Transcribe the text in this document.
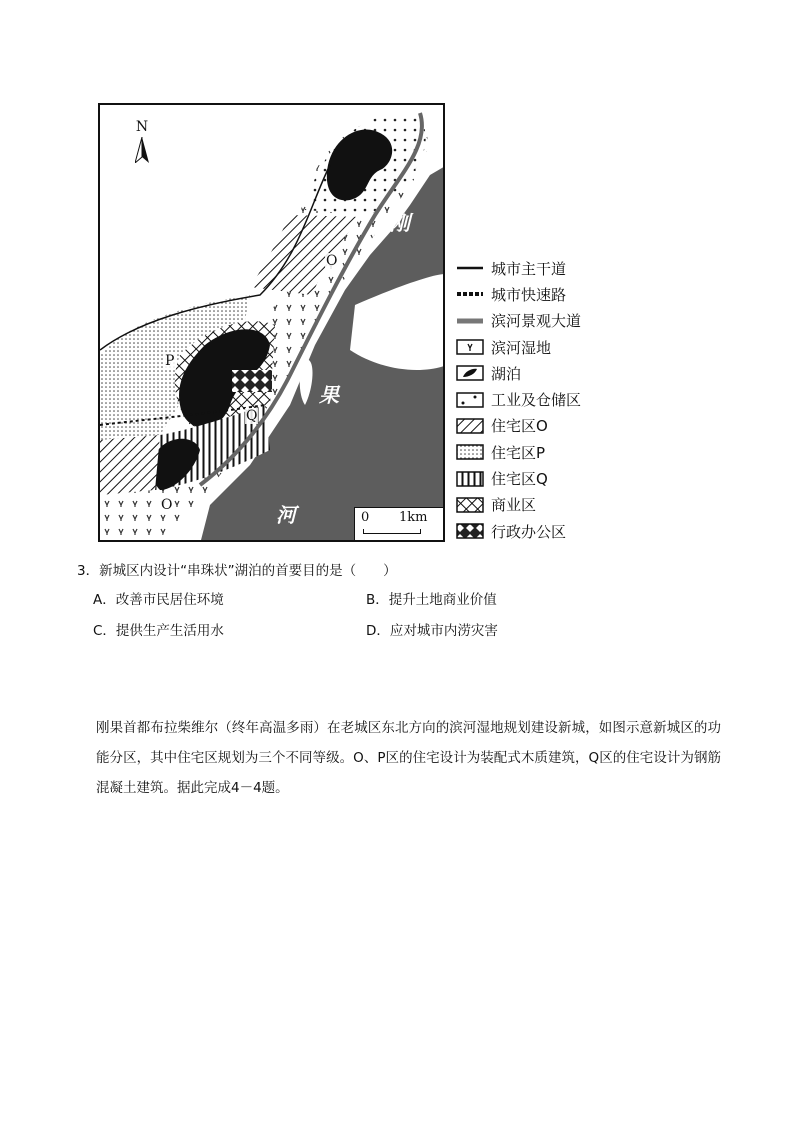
N
刚
果
河
O
P
Q
O
0 1km
城市主干道
城市快速路
滨河景观大道
滨河湿地
湖泊
工业及仓储区
住宅区O
住宅区P
住宅区Q
商业区
行政办公区

3．新城区内设计“串珠状”湖泊的首要目的是（　　）

A．改善市民居住环境	B．提升土地商业价值
C．提供生产生活用水	D．应对城市内涝灾害

刚果首都布拉柴维尔（终年高温多雨）在老城区东北方向的滨河湿地规划建设新城，如图示意新城区的功能分区，其中住宅区规划为三个不同等级。O、P区的住宅设计为装配式木质建筑，Q区的住宅设计为钢筋混凝土建筑。据此完成4－4题。
